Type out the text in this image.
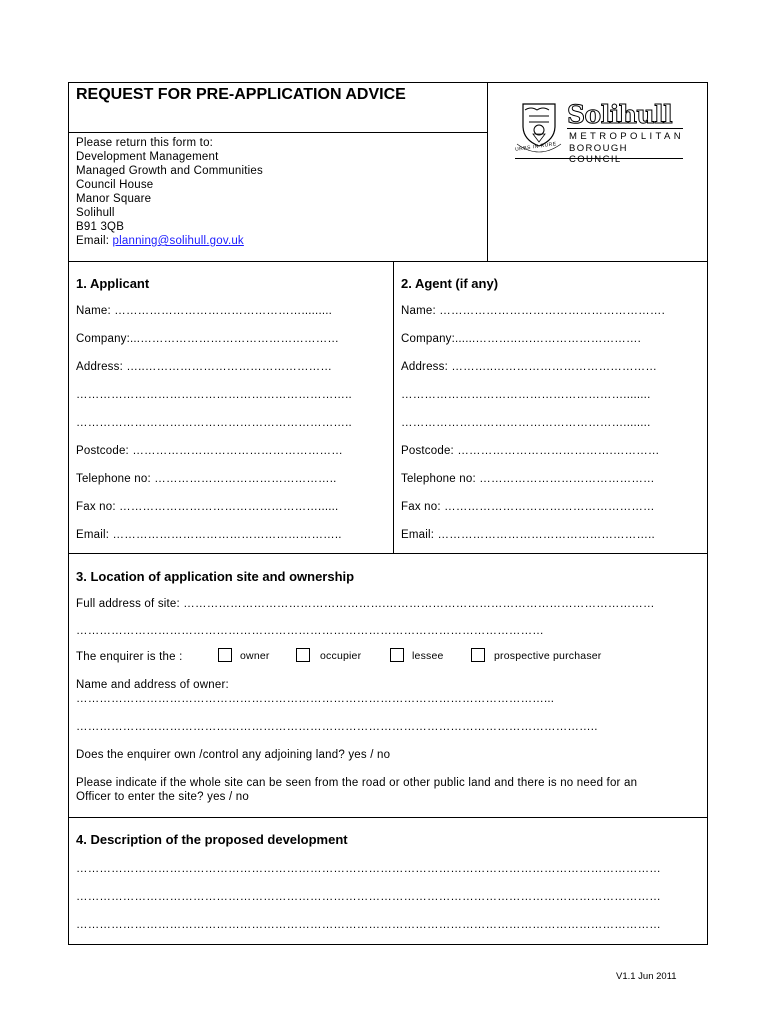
REQUEST FOR PRE-APPLICATION ADVICE
Please return this form to:
Development Management
Managed Growth and Communities
Council House
Manor Square
Solihull
B91 3QB
Email: planning@solihull.gov.uk
URBS IN RURE
Solihull
METROPOLITAN
BOROUGH COUNCIL
1. Applicant
Name: ………………………………………….........
Company:...……………………………………………
Address: …..…………………………………………
……………………………………………………………..
……………………………………………………………..
Postcode: ………………………………………………
Telephone no: ………………………………………..
Fax no: ……………………………………………......
Email: …………………………………………………..
2. Agent (if any)
Name: ………………………………………………….
Company:......………..….……………………….
Address: ………..……………………………………
…………………………………………………........
…………………………………………………........
Postcode: ………………………………….…………
Telephone no: ………………………………………
Fax no: ………………………………………………
Email: ………………………………………………..
3. Location of application site and ownership
Full address of site: …………………………………………….……………………………………………………………
…………………………………………………………………………………………………………
The enquirer is the :	owner	occupier	lessee	prospective purchaser
Name and address of owner:
…………………………………………………………………………………………………………...
……………………………………………………………………………………………………………………..
Does the enquirer own /control any adjoining land? yes / no
Please indicate if the whole site can be seen from the road or other public land and there is no need for an
Officer to enter the site? yes / no
4. Description of the proposed development
……………………………………………………………………………………………………………………………………
……………………………………………………………………………………………………………………………………
……………………………………………………………………………………………………………………………………
V1.1 Jun 2011
